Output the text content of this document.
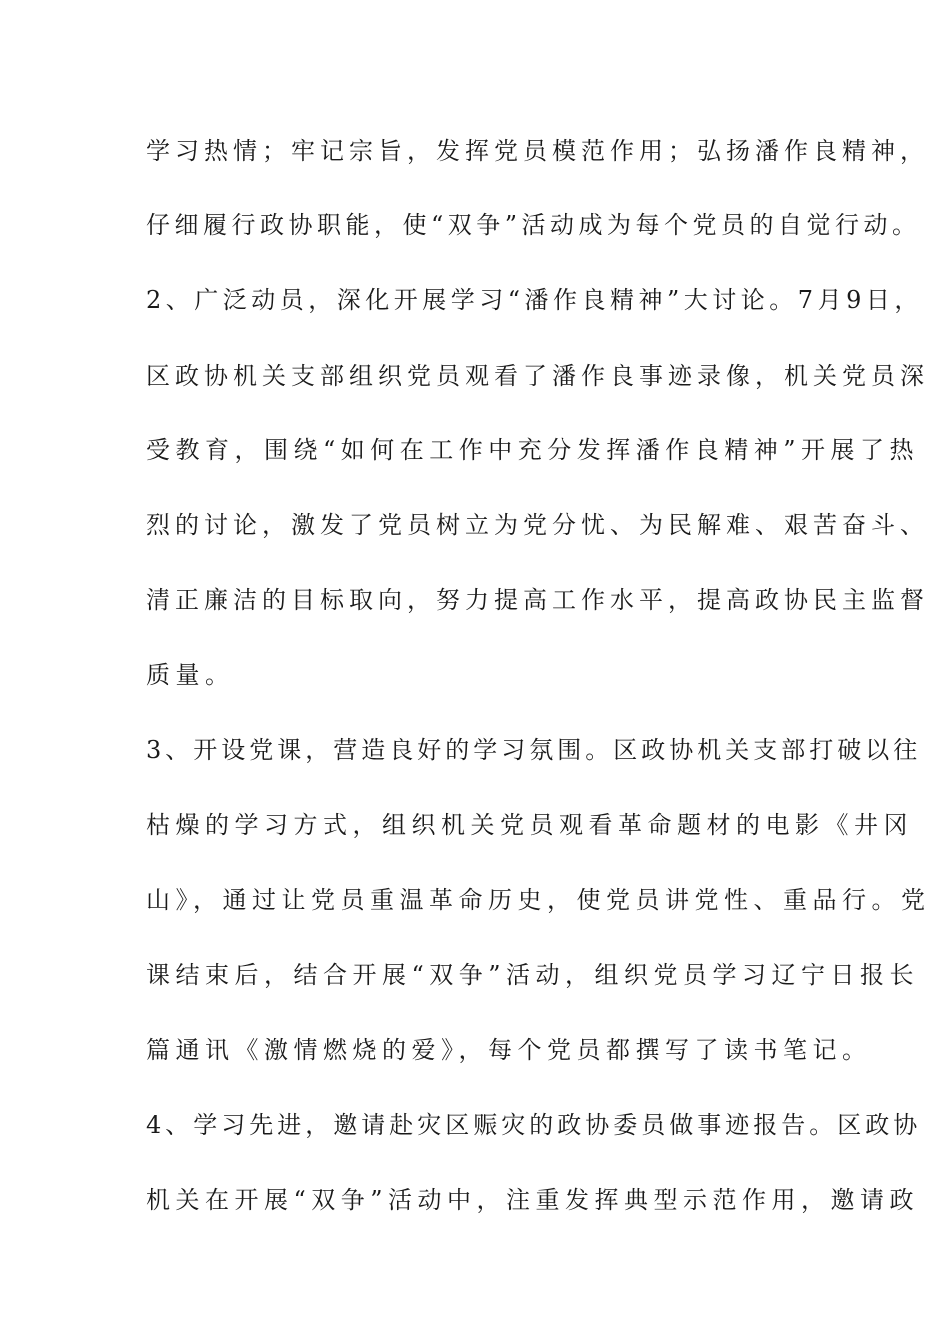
学习热情；牢记宗旨，发挥党员模范作用；弘扬潘作良精神，
仔细履行政协职能，使“双争”活动成为每个党员的自觉行动。
2、广泛动员，深化开展学习“潘作良精神”大讨论。7月9日，
区政协机关支部组织党员观看了潘作良事迹录像，机关党员深
受教育，围绕“如何在工作中充分发挥潘作良精神”开展了热
烈的讨论，激发了党员树立为党分忧、为民解难、艰苦奋斗、
清正廉洁的目标取向，努力提高工作水平，提高政协民主监督
质量。
3、开设党课，营造良好的学习氛围。区政协机关支部打破以往
枯燥的学习方式，组织机关党员观看革命题材的电影《井冈
山》，通过让党员重温革命历史，使党员讲党性、重品行。党
课结束后，结合开展“双争”活动，组织党员学习辽宁日报长
篇通讯《激情燃烧的爱》，每个党员都撰写了读书笔记。
4、学习先进，邀请赴灾区赈灾的政协委员做事迹报告。区政协
机关在开展“双争”活动中，注重发挥典型示范作用，邀请政
